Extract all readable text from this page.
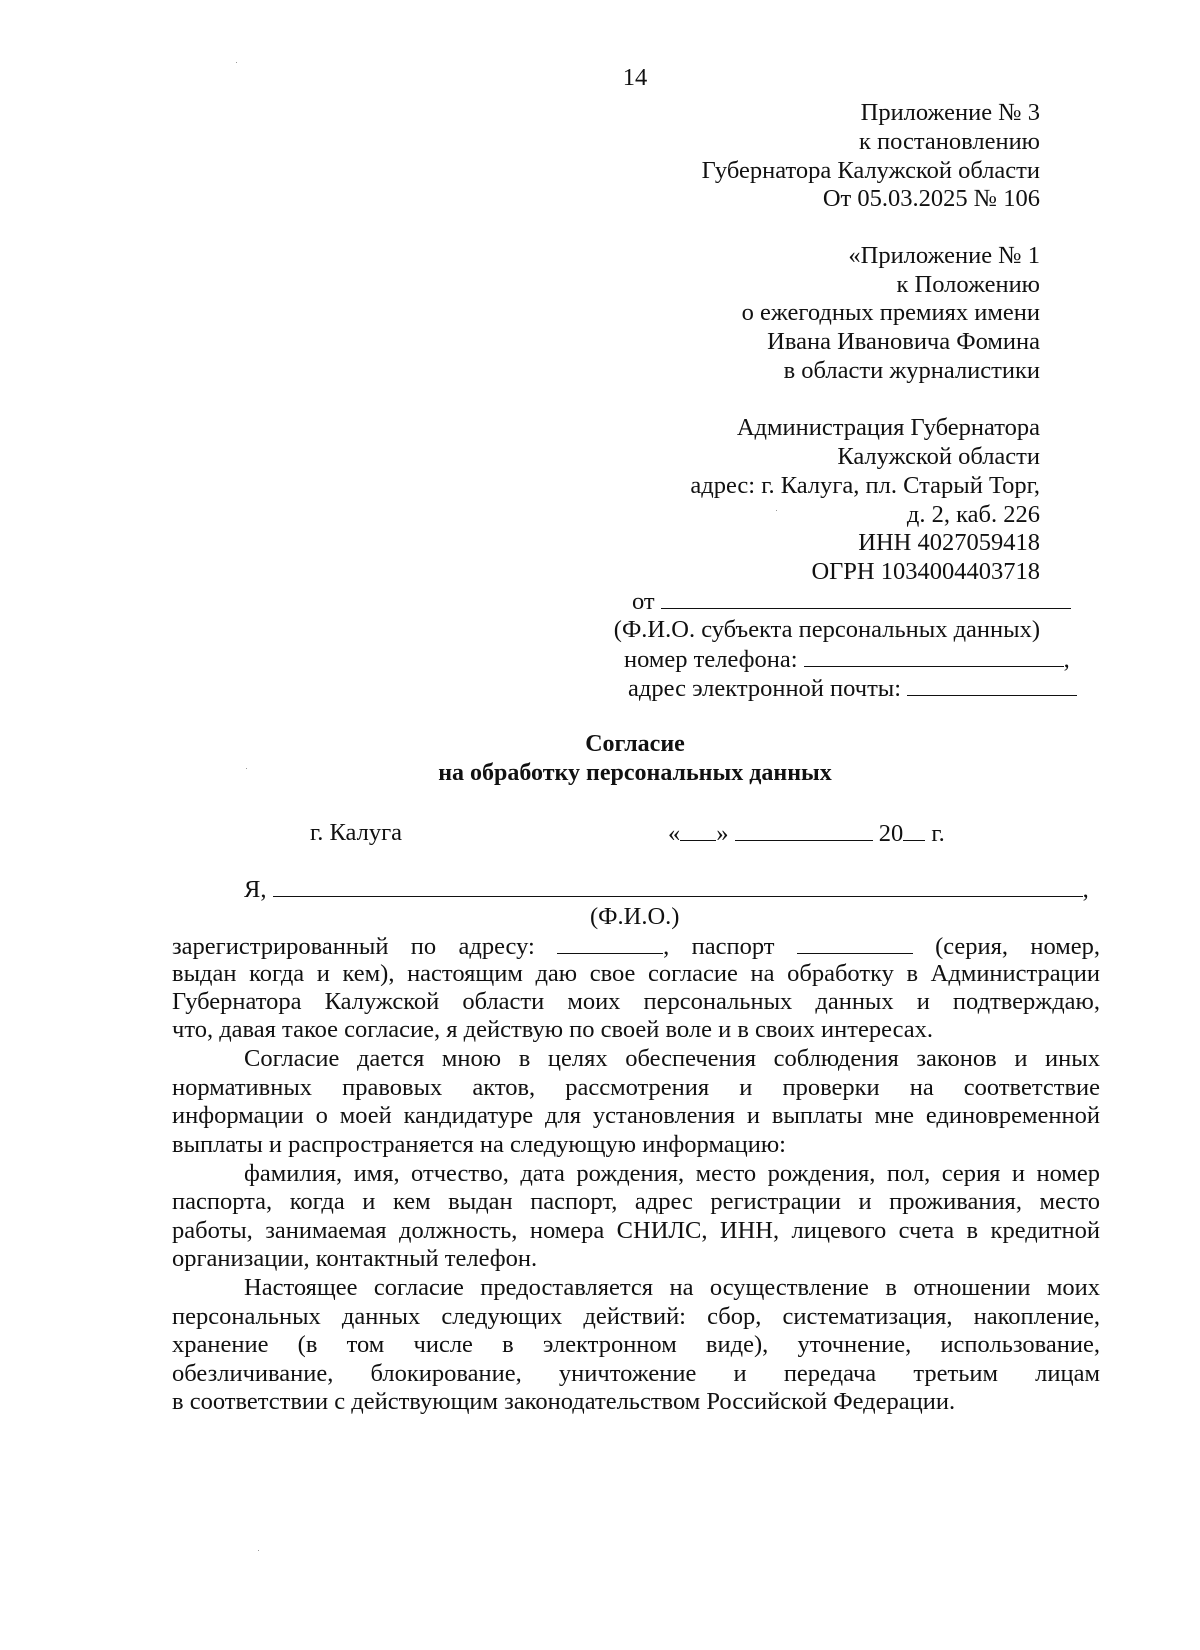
14
Приложение № 3
к постановлению
Губернатора Калужской области
От 05.03.2025 № 106
«Приложение № 1
к Положению
о ежегодных премиях имени
Ивана Ивановича Фомина
в области журналистики
Администрация Губернатора
Калужской области
адрес: г. Калуга, пл. Старый Торг,
д. 2, каб. 226
ИНН 4027059418
ОГРН 1034004403718
от
(Ф.И.О. субъекта персональных данных)
номер телефона:	,
адрес электронной почты:
Согласие
на обработку персональных данных
г. Калуга	« »	20 г.
Я,	,
(Ф.И.О.)
зарегистрированный по адресу:	, паспорт	(серия, номер,
выдан когда и кем), настоящим даю свое согласие на обработку в Администрации
Губернатора Калужской области моих персональных данных и подтверждаю,
что, давая такое согласие, я действую по своей воле и в своих интересах.
Согласие дается мною в целях обеспечения соблюдения законов и иных
нормативных правовых актов, рассмотрения и проверки на соответствие
информации о моей кандидатуре для установления и выплаты мне единовременной
выплаты и распространяется на следующую информацию:
фамилия, имя, отчество, дата рождения, место рождения, пол, серия и номер
паспорта, когда и кем выдан паспорт, адрес регистрации и проживания, место
работы, занимаемая должность, номера СНИЛС, ИНН, лицевого счета в кредитной
организации, контактный телефон.
Настоящее согласие предоставляется на осуществление в отношении моих
персональных данных следующих действий: сбор, систематизация, накопление,
хранение (в том числе в электронном виде), уточнение, использование,
обезличивание, блокирование, уничтожение и передача третьим лицам
в соответствии с действующим законодательством Российской Федерации.
